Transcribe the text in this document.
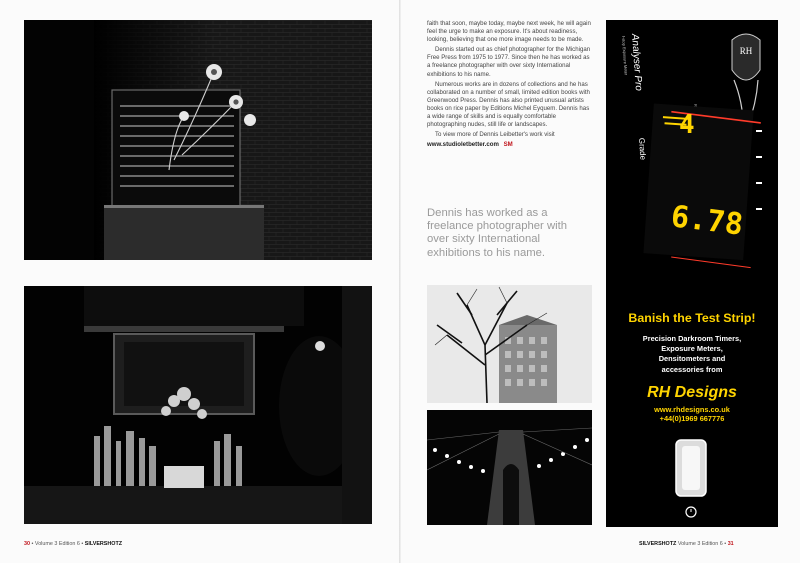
30 • Volume 3 Edition 6 • SILVERSHOTZ

faith that soon, maybe today, maybe next week, he will again feel the urge to make an exposure. It's about readiness, looking, believing that one more image needs to be made.

Dennis started out as chief photographer for the Michigan Free Press from 1975 to 1977. Since then he has worked as a freelance photographer with over sixty International exhibitions to his name.

Numerous works are in dozens of collections and he has collaborated on a number of small, limited edition books with Greenwood Press. Dennis has also printed unusual artists books on rice paper by Editions Michel Eyquem. Dennis has a wide range of skills and is equally comfortable photographing nudes, still life or landscapes.

To view more of Dennis Leibetter's work visit

www.studioletbetter.com SM
Dennis has worked as a freelance photographer with over sixty International exhibitions to his name.
RH
Analyser Pro
f-stop Exposure Meter
Grade
4
6.78
Banish the Test Strip!
Precision Darkroom Timers,
Exposure Meters,
Densitometers and
accessories from
RH Designs
www.rhdesigns.co.uk
+44(0)1969 667776
SILVERSHOTZ Volume 3 Edition 6 • 31
